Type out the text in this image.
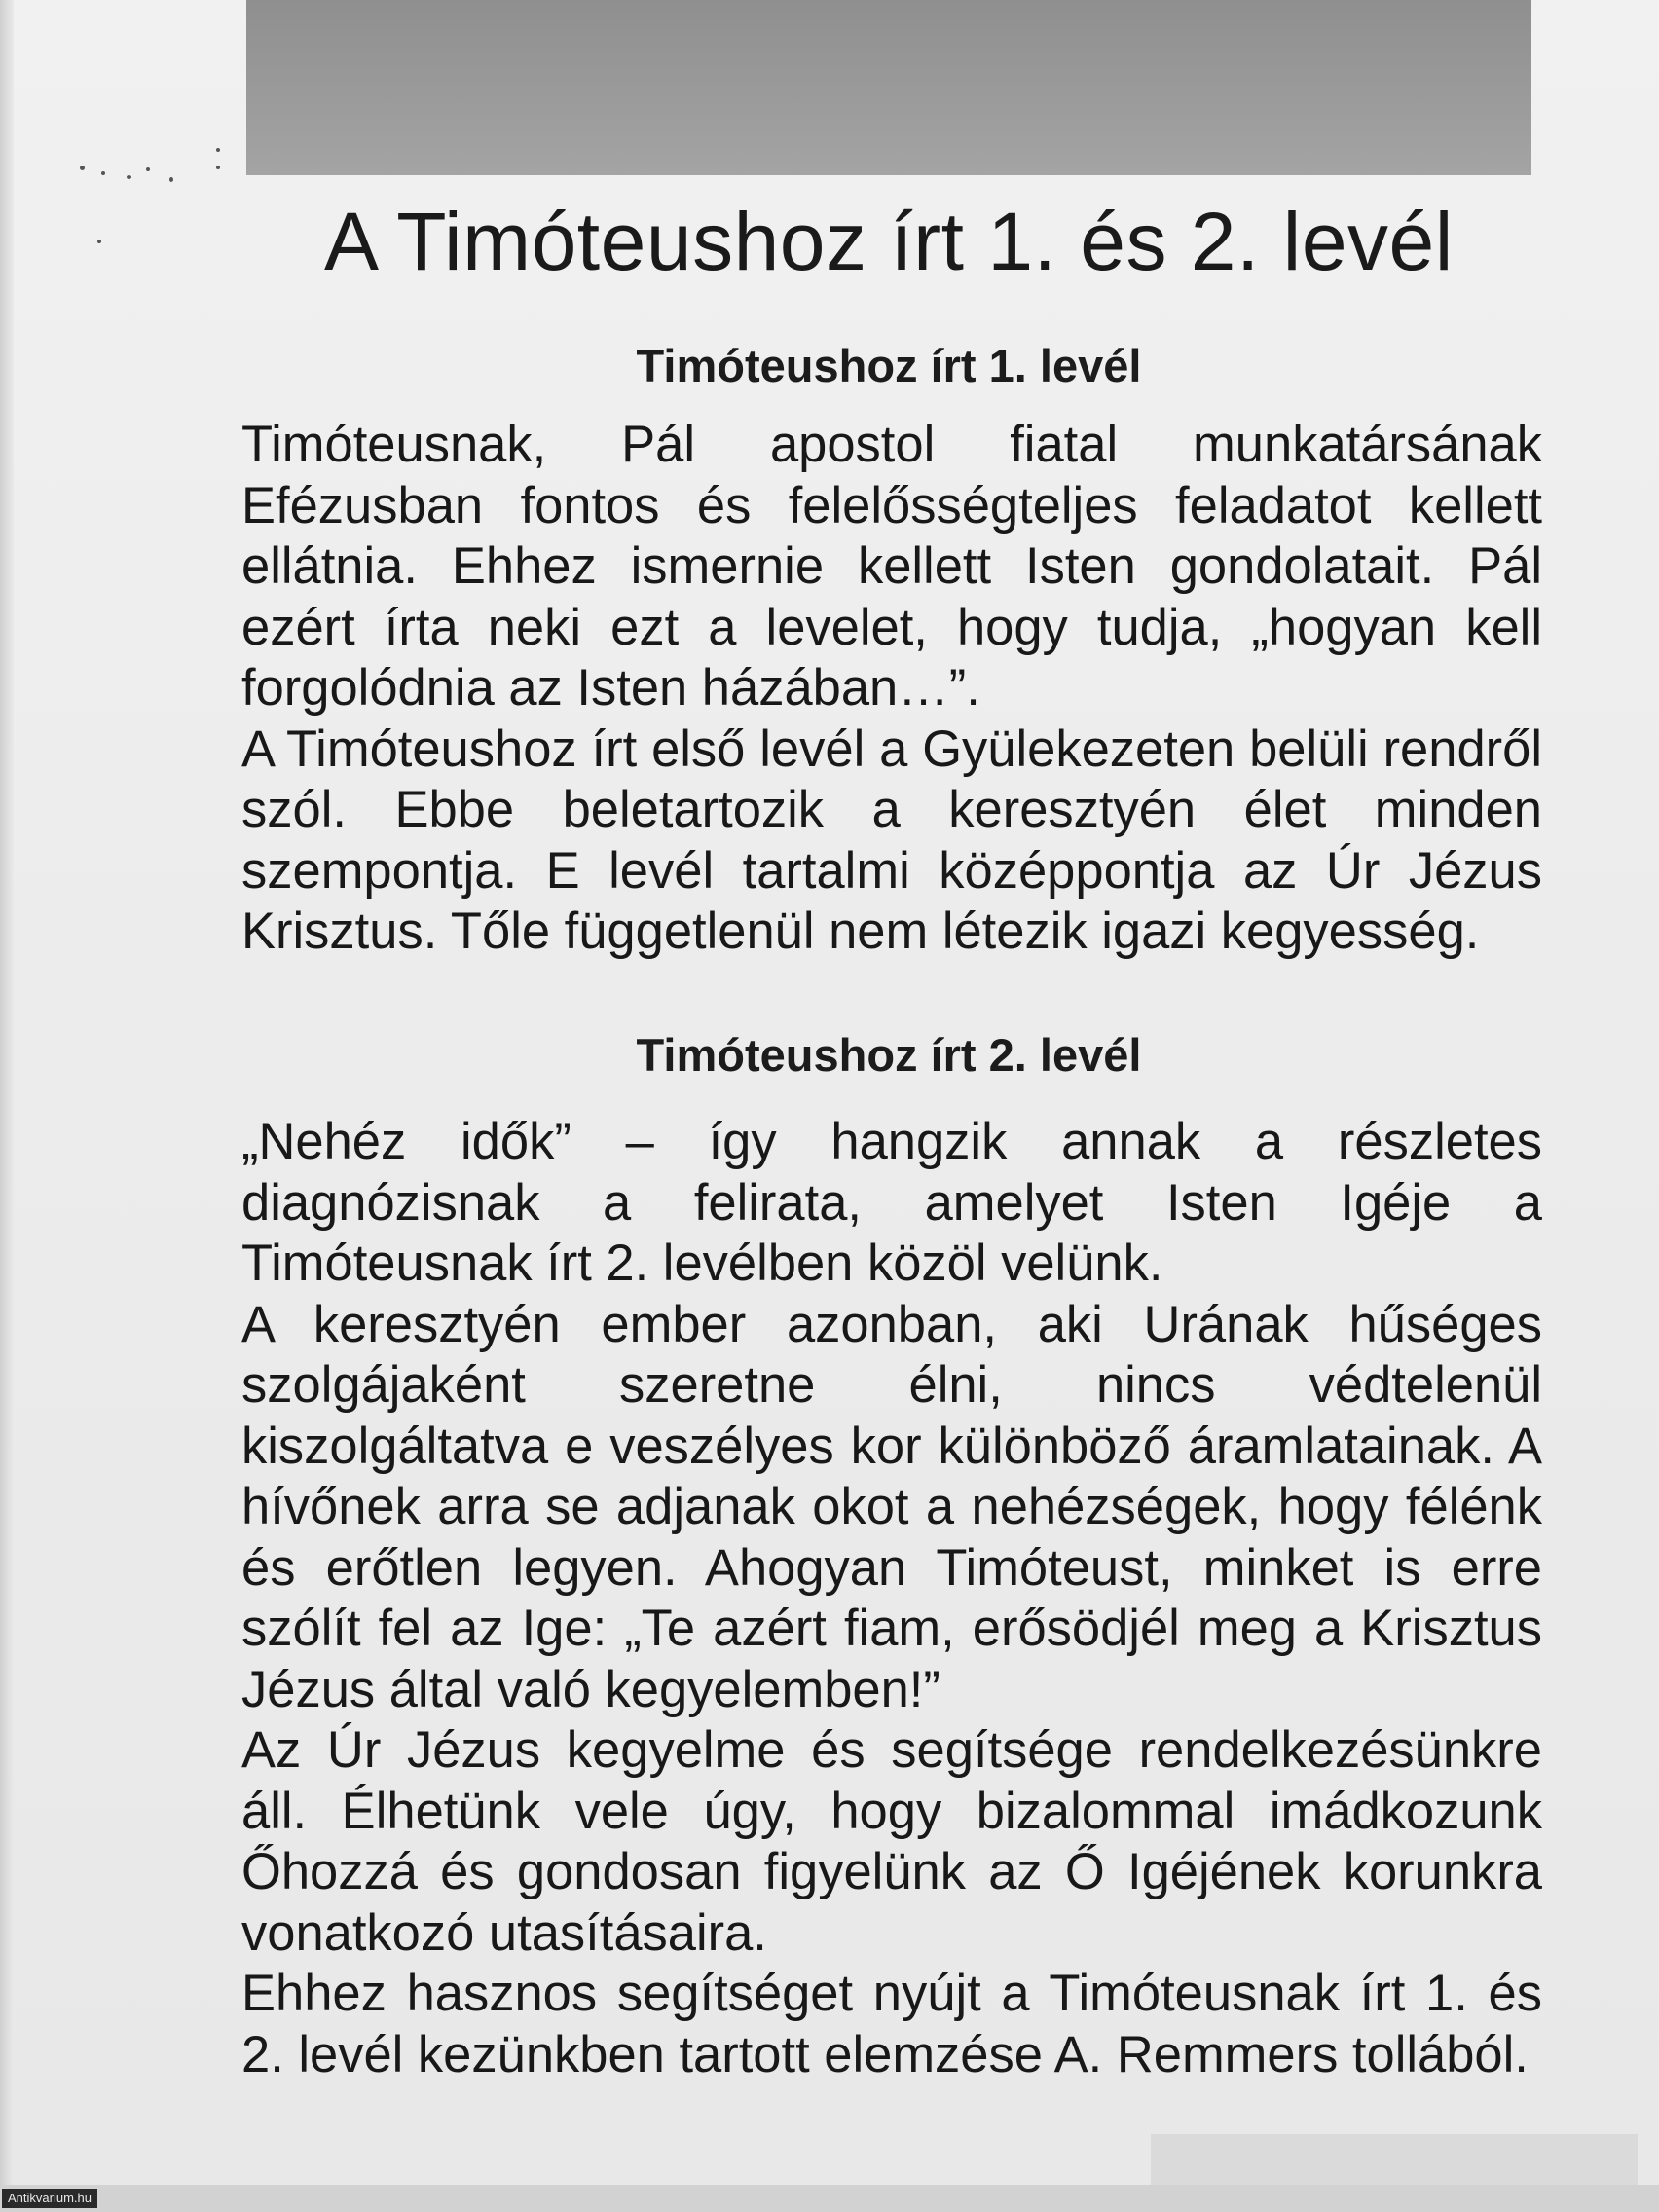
A Timóteushoz írt 1. és 2. levél
Timóteushoz írt 1. levél

Timóteusnak, Pál apostol fiatal munkatársának Efézusban fontos és felelősségteljes feladatot kellett ellátnia. Ehhez ismernie kellett Isten gondolatait. Pál ezért írta neki ezt a levelet, hogy tudja, „hogyan kell forgolódnia az Isten házában…”.

A Timóteushoz írt első levél a Gyülekezeten belüli rendről szól. Ebbe beletartozik a keresztyén élet minden szempontja. E levél tartalmi középpontja az Úr Jézus Krisztus. Tőle függetlenül nem létezik igazi kegyesség.

Timóteushoz írt 2. levél

„Nehéz idők” – így hangzik annak a részletes diagnózisnak a felirata, amelyet Isten Igéje a Timóteusnak írt 2. levélben közöl velünk.

A keresztyén ember azonban, aki Urának hűséges szolgájaként szeretne élni, nincs védtelenül kiszolgáltatva e veszélyes kor különböző áramlatainak. A hívőnek arra se adjanak okot a nehézségek, hogy félénk és erőtlen legyen. Ahogyan Timóteust, minket is erre szólít fel az Ige: „Te azért fiam, erősödjél meg a Krisztus Jézus által való kegyelemben!”

Az Úr Jézus kegyelme és segítsége rendelkezésünkre áll. Élhetünk vele úgy, hogy bizalommal imádkozunk Őhozzá és gondosan figyelünk az Ő Igéjének korunkra vonatkozó utasításaira.

Ehhez hasznos segítséget nyújt a Timóteusnak írt 1. és 2. levél kezünkben tartott elemzése A. Remmers tollából.

Antikvarium.hu
